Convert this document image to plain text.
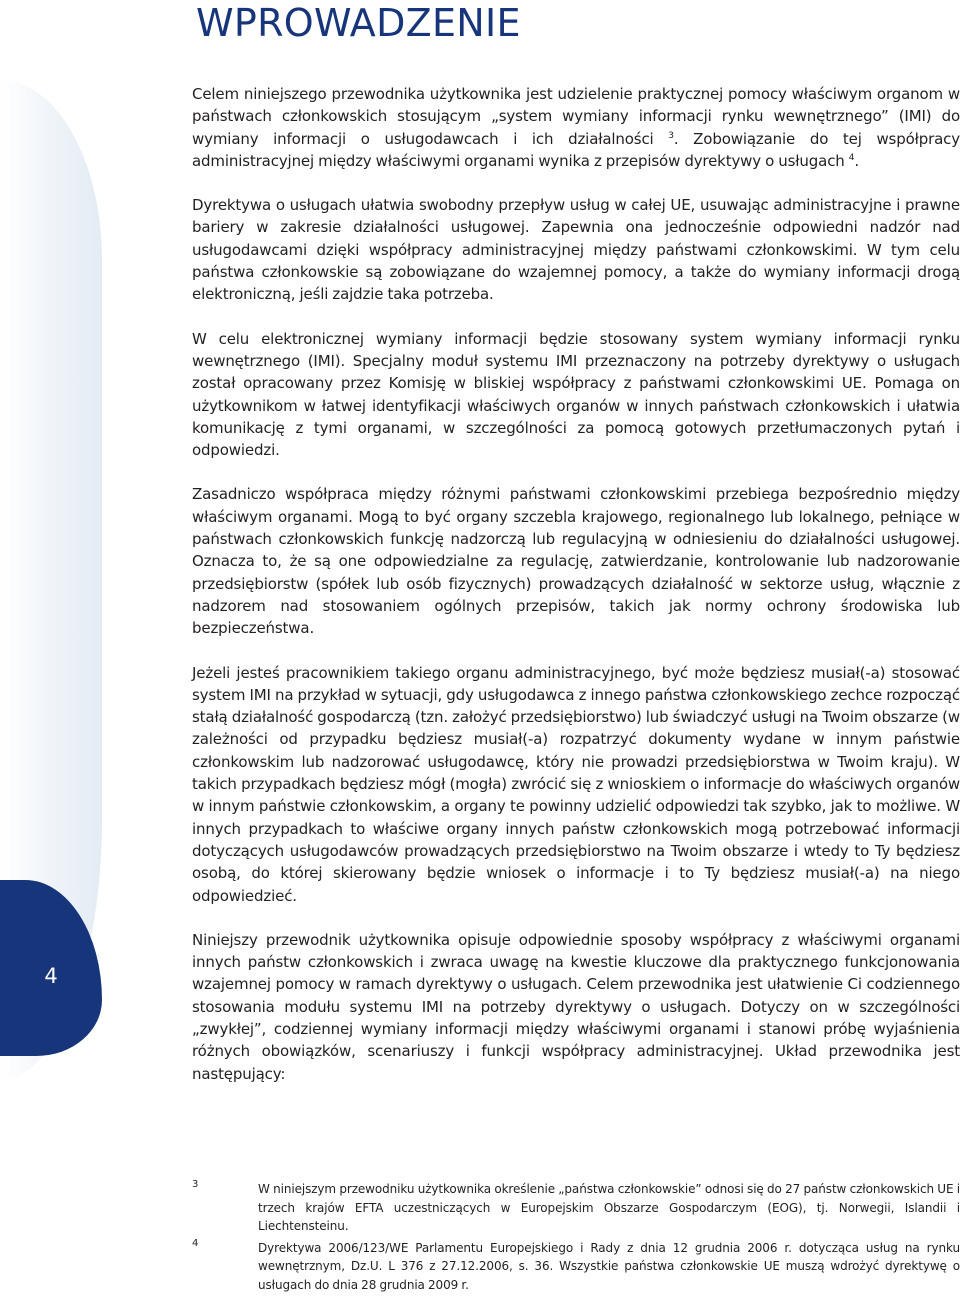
4
WPROWADZENIE

Celem niniejszego przewodnika użytkownika jest udzielenie praktycznej pomocy właściwym organom w państwach członkowskich stosującym „system wymiany informacji rynku wewnętrznego” (IMI) do wymiany informacji o usługodawcach i ich działalności $^3$. Zobowiązanie do tej współpracy administracyjnej między właściwymi organami wynika z przepisów dyrektywy o usługach $^4$.

Dyrektywa o usługach ułatwia swobodny przepływ usług w całej UE, usuwając administracyjne i prawne bariery w zakresie działalności usługowej. Zapewnia ona jednocześnie odpowiedni nadzór nad usługodawcami dzięki współpracy administracyjnej między państwami członkowskimi. W tym celu państwa członkowskie są zobowiązane do wzajemnej pomocy, a także do wymiany informacji drogą elektroniczną, jeśli zajdzie taka potrzeba.

W celu elektronicznej wymiany informacji będzie stosowany system wymiany informacji rynku wewnętrznego (IMI). Specjalny moduł systemu IMI przeznaczony na potrzeby dyrektywy o usługach został opracowany przez Komisję w bliskiej współpracy z państwami członkowskimi UE. Pomaga on użytkownikom w łatwej identyfikacji właściwych organów w innych państwach członkowskich i ułatwia komunikację z tymi organami, w szczególności za pomocą gotowych przetłumaczonych pytań i odpowiedzi.

Zasadniczo współpraca między różnymi państwami członkowskimi przebiega bezpośrednio między właściwym organami. Mogą to być organy szczebla krajowego, regionalnego lub lokalnego, pełniące w państwach członkowskich funkcję nadzorczą lub regulacyjną w odniesieniu do działalności usługowej. Oznacza to, że są one odpowiedzialne za regulację, zatwierdzanie, kontrolowanie lub nadzorowanie przedsiębiorstw (spółek lub osób fizycznych) prowadzących działalność w sektorze usług, włącznie z nadzorem nad stosowaniem ogólnych przepisów, takich jak normy ochrony środowiska lub bezpieczeństwa.

Jeżeli jesteś pracownikiem takiego organu administracyjnego, być może będziesz musiał(-a) stosować system IMI na przykład w sytuacji, gdy usługodawca z innego państwa członkowskiego zechce rozpocząć stałą działalność gospodarczą (tzn. założyć przedsiębiorstwo) lub świadczyć usługi na Twoim obszarze (w zależności od przypadku będziesz musiał(-a) rozpatrzyć dokumenty wydane w innym państwie członkowskim lub nadzorować usługodawcę, który nie prowadzi przedsiębiorstwa w Twoim kraju). W takich przypadkach będziesz mógł (mogła) zwrócić się z wnioskiem o informacje do właściwych organów w innym państwie członkowskim, a organy te powinny udzielić odpowiedzi tak szybko, jak to możliwe. W innych przypadkach to właściwe organy innych państw członkowskich mogą potrzebować informacji dotyczących usługodawców prowadzących przedsiębiorstwo na Twoim obszarze i wtedy to Ty będziesz osobą, do której skierowany będzie wniosek o informacje i to Ty będziesz musiał(-a) na niego odpowiedzieć.

Niniejszy przewodnik użytkownika opisuje odpowiednie sposoby współpracy z właściwymi organami innych państw członkowskich i zwraca uwagę na kwestie kluczowe dla praktycznego funkcjonowania wzajemnej pomocy w ramach dyrektywy o usługach. Celem przewodnika jest ułatwienie Ci codziennego stosowania modułu systemu IMI na potrzeby dyrektywy o usługach. Dotyczy on w szczególności „zwykłej”, codziennej wymiany informacji między właściwymi organami i stanowi próbę wyjaśnienia różnych obowiązków, scenariuszy i funkcji współpracy administracyjnej. Układ przewodnika jest następujący:

3	W niniejszym przewodniku użytkownika określenie „państwa członkowskie” odnosi się do 27 państw członkowskich UE i trzech krajów EFTA uczestniczących w Europejskim Obszarze Gospodarczym (EOG), tj. Norwegii, Islandii i Liechtensteinu.
4	Dyrektywa 2006/123/WE Parlamentu Europejskiego i Rady z dnia 12 grudnia 2006 r. dotycząca usług na rynku wewnętrznym, Dz.U. L 376 z 27.12.2006, s. 36. Wszystkie państwa członkowskie UE muszą wdrożyć dyrektywę o usługach do dnia 28 grudnia 2009 r.
